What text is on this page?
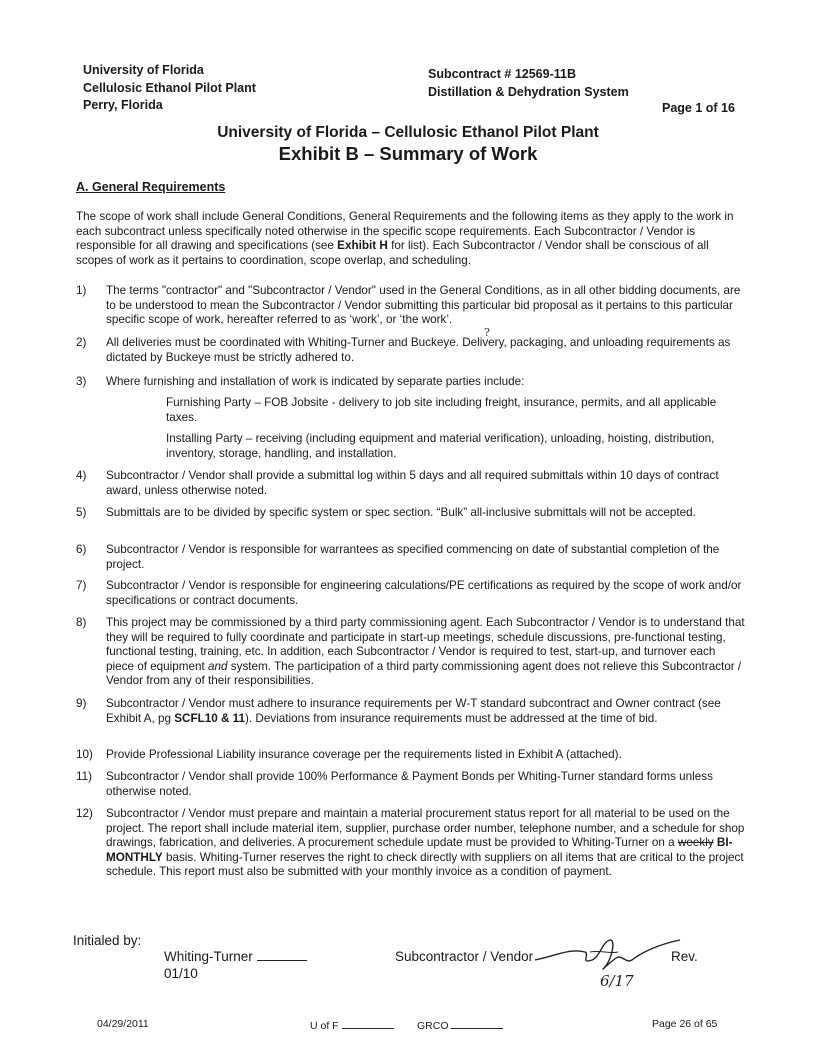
University of Florida
Cellulosic Ethanol Pilot Plant
Perry, Florida
Subcontract # 12569-11B
Distillation & Dehydration System
Page 1 of 16
University of Florida – Cellulosic Ethanol Pilot Plant
Exhibit B – Summary of Work
A. General Requirements
The scope of work shall include General Conditions, General Requirements and the following items as they apply to the work in each subcontract unless specifically noted otherwise in the specific scope requirements. Each Subcontractor / Vendor is responsible for all drawing and specifications (see Exhibit H for list). Each Subcontractor / Vendor shall be conscious of all scopes of work as it pertains to coordination, scope overlap, and scheduling.
1)	The terms "contractor" and "Subcontractor / Vendor" used in the General Conditions, as in all other bidding documents, are to be understood to mean the Subcontractor / Vendor submitting this particular bid proposal as it pertains to this particular specific scope of work, hereafter referred to as ‘work’, or ‘the work’.
2)	All deliveries must be coordinated with Whiting-Turner and Buckeye. Delivery, packaging, and unloading requirements as dictated by Buckeye must be strictly adhered to.
?
3)	Where furnishing and installation of work is indicated by separate parties include:
Furnishing Party – FOB Jobsite - delivery to job site including freight, insurance, permits, and all applicable taxes.
Installing Party – receiving (including equipment and material verification), unloading, hoisting, distribution, inventory, storage, handling, and installation.
4)	Subcontractor / Vendor shall provide a submittal log within 5 days and all required submittals within 10 days of contract award, unless otherwise noted.
5)	Submittals are to be divided by specific system or spec section. “Bulk” all-inclusive submittals will not be accepted.
6)	Subcontractor / Vendor is responsible for warrantees as specified commencing on date of substantial completion of the project.
7)	Subcontractor / Vendor is responsible for engineering calculations/PE certifications as required by the scope of work and/or specifications or contract documents.
8)	This project may be commissioned by a third party commissioning agent. Each Subcontractor / Vendor is to understand that they will be required to fully coordinate and participate in start-up meetings, schedule discussions, pre-functional testing, functional testing, training, etc. In addition, each Subcontractor / Vendor is required to test, start-up, and turnover each piece of equipment and system. The participation of a third party commissioning agent does not relieve this Subcontractor / Vendor from any of their responsibilities.
9)	Subcontractor / Vendor must adhere to insurance requirements per W-T standard subcontract and Owner contract (see Exhibit A, pg SCFL10 & 11). Deviations from insurance requirements must be addressed at the time of bid.
10)	Provide Professional Liability insurance coverage per the requirements listed in Exhibit A (attached).
11)	Subcontractor / Vendor shall provide 100% Performance & Payment Bonds per Whiting-Turner standard forms unless otherwise noted.
12)	Subcontractor / Vendor must prepare and maintain a material procurement status report for all material to be used on the project. The report shall include material item, supplier, purchase order number, telephone number, and a schedule for shop drawings, fabrication, and deliveries. A procurement schedule update must be provided to Whiting-Turner on a weekly BI-MONTHLY basis. Whiting-Turner reserves the right to check directly with suppliers on all items that are critical to the project schedule. This report must also be submitted with your monthly invoice as a condition of payment.
Initialed by:
Whiting-Turner
01/10
Subcontractor / Vendor	Rev.
6/17
04/29/2011	U of F	GRCO	Page 26 of 65
